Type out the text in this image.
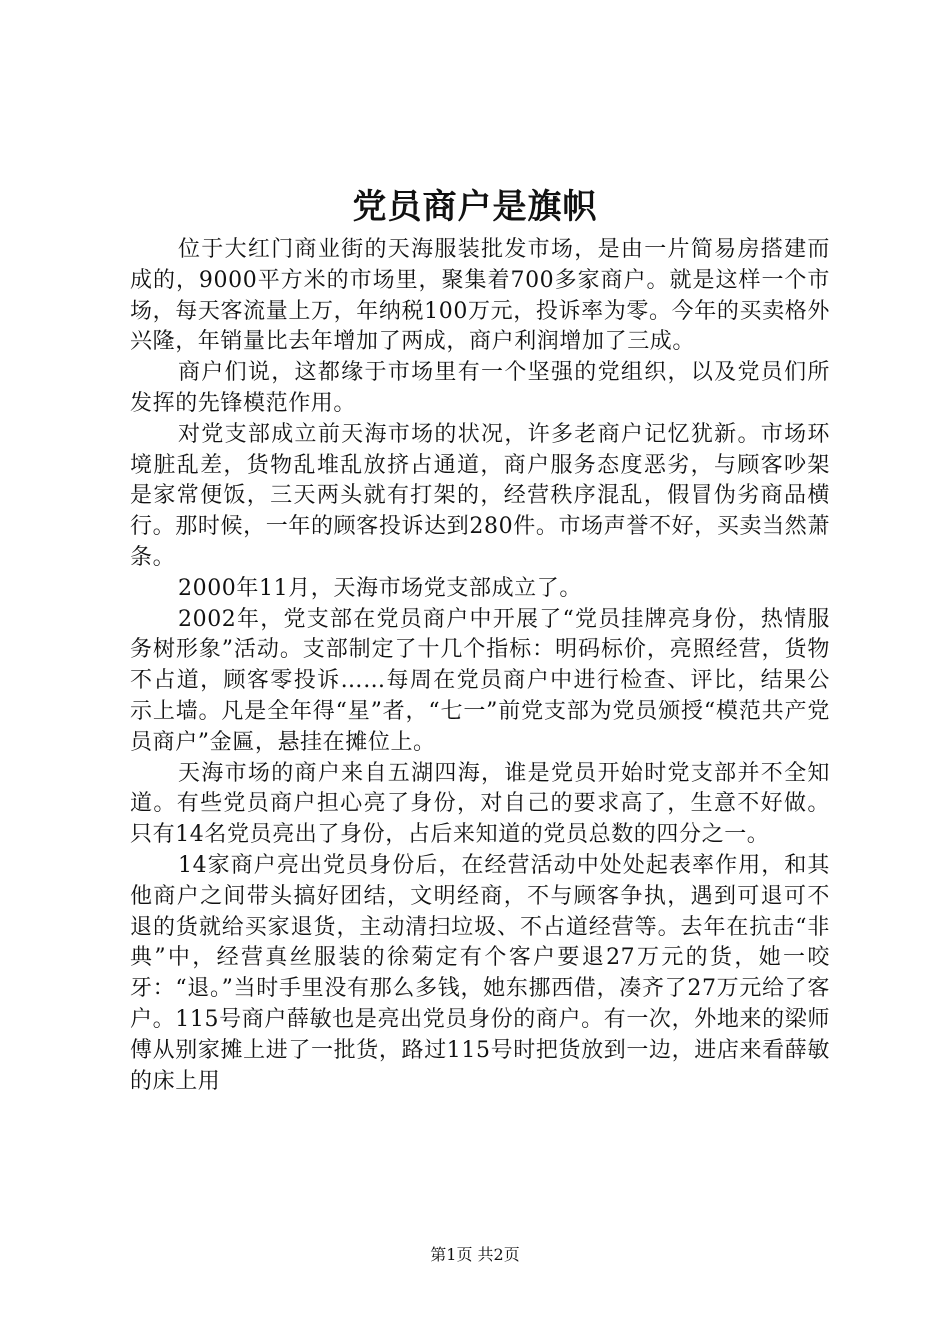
党员商户是旗帜

位于大红门商业街的天海服装批发市场，是由一片简易房搭建而成的，9000平方米的市场里，聚集着700多家商户。就是这样一个市场，每天客流量上万，年纳税100万元，投诉率为零。今年的买卖格外兴隆，年销量比去年增加了两成，商户利润增加了三成。

商户们说，这都缘于市场里有一个坚强的党组织，以及党员们所发挥的先锋模范作用。

对党支部成立前天海市场的状况，许多老商户记忆犹新。市场环境脏乱差，货物乱堆乱放挤占通道，商户服务态度恶劣，与顾客吵架是家常便饭，三天两头就有打架的，经营秩序混乱，假冒伪劣商品横行。那时候，一年的顾客投诉达到280件。市场声誉不好，买卖当然萧条。

2000年11月，天海市场党支部成立了。

2002年，党支部在党员商户中开展了“党员挂牌亮身份，热情服务树形象”活动。支部制定了十几个指标：明码标价，亮照经营，货物不占道，顾客零投诉……每周在党员商户中进行检查、评比，结果公示上墙。凡是全年得“星”者，“七一”前党支部为党员颁授“模范共产党员商户”金匾，悬挂在摊位上。

天海市场的商户来自五湖四海，谁是党员开始时党支部并不全知道。有些党员商户担心亮了身份，对自己的要求高了，生意不好做。只有14名党员亮出了身份，占后来知道的党员总数的四分之一。

14家商户亮出党员身份后，在经营活动中处处起表率作用，和其他商户之间带头搞好团结，文明经商，不与顾客争执，遇到可退可不退的货就给买家退货，主动清扫垃圾、不占道经营等。去年在抗击“非典”中，经营真丝服装的徐菊定有个客户要退27万元的货，她一咬牙：“退。”当时手里没有那么多钱，她东挪西借，凑齐了27万元给了客户。115号商户薛敏也是亮出党员身份的商户。有一次，外地来的梁师傅从别家摊上进了一批货，路过115号时把货放到一边，进店来看薛敏的床上用

第1页 共2页
